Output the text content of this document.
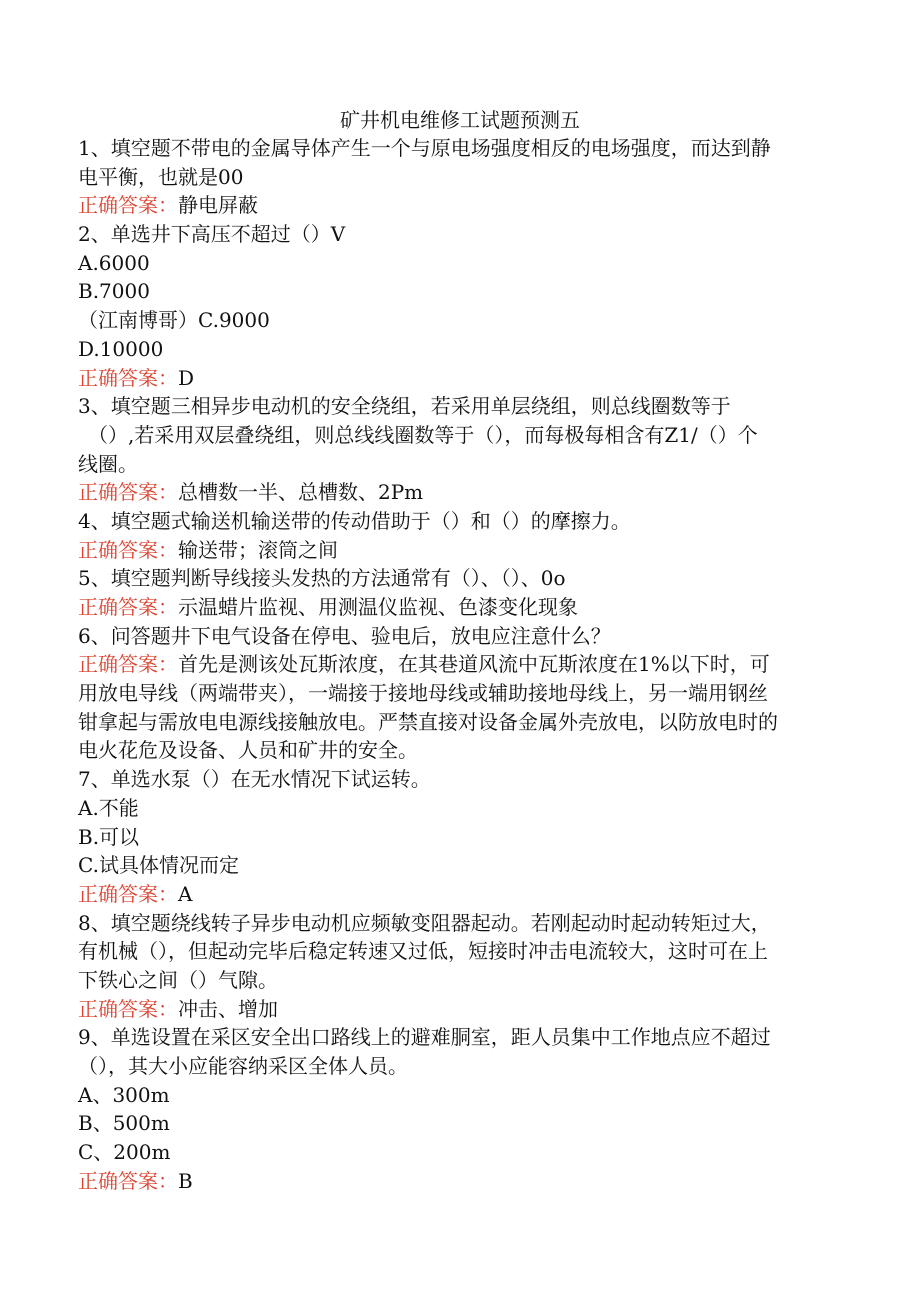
矿井机电维修工试题预测五
1、填空题不带电的金属导体产生一个与原电场强度相反的电场强度，而达到静
电平衡，也就是00
正确答案：静电屏蔽
2、单选井下高压不超过（）V
A.6000
B.7000
（江南博哥）C.9000
D.10000
正确答案：D
3、填空题三相异步电动机的安全绕组，若采用单层绕组，则总线圈数等于
（）,若采用双层叠绕组，则总线线圈数等于（），而每极每相含有Z1/（）个
线圈。
正确答案：总槽数一半、总槽数、2Pm
4、填空题式输送机输送带的传动借助于（）和（）的摩擦力。
正确答案：输送带；滚筒之间
5、填空题判断导线接头发热的方法通常有（）、（）、0o
正确答案：示温蜡片监视、用测温仪监视、色漆变化现象
6、问答题井下电气设备在停电、验电后，放电应注意什么？
正确答案：首先是测该处瓦斯浓度，在其巷道风流中瓦斯浓度在1%以下时，可
用放电导线（两端带夹），一端接于接地母线或辅助接地母线上，另一端用钢丝
钳拿起与需放电电源线接触放电。严禁直接对设备金属外壳放电，以防放电时的
电火花危及设备、人员和矿井的安全。
7、单选水泵（）在无水情况下试运转。
A.不能
B.可以
C.试具体情况而定
正确答案：A
8、填空题绕线转子异步电动机应频敏变阻器起动。若刚起动时起动转矩过大，
有机械（），但起动完毕后稳定转速又过低，短接时冲击电流较大，这时可在上
下铁心之间（）气隙。
正确答案：冲击、增加
9、单选设置在采区安全出口路线上的避难胴室，距人员集中工作地点应不超过
（），其大小应能容纳采区全体人员。
A、300m
B、500m
C、200m
正确答案：B
